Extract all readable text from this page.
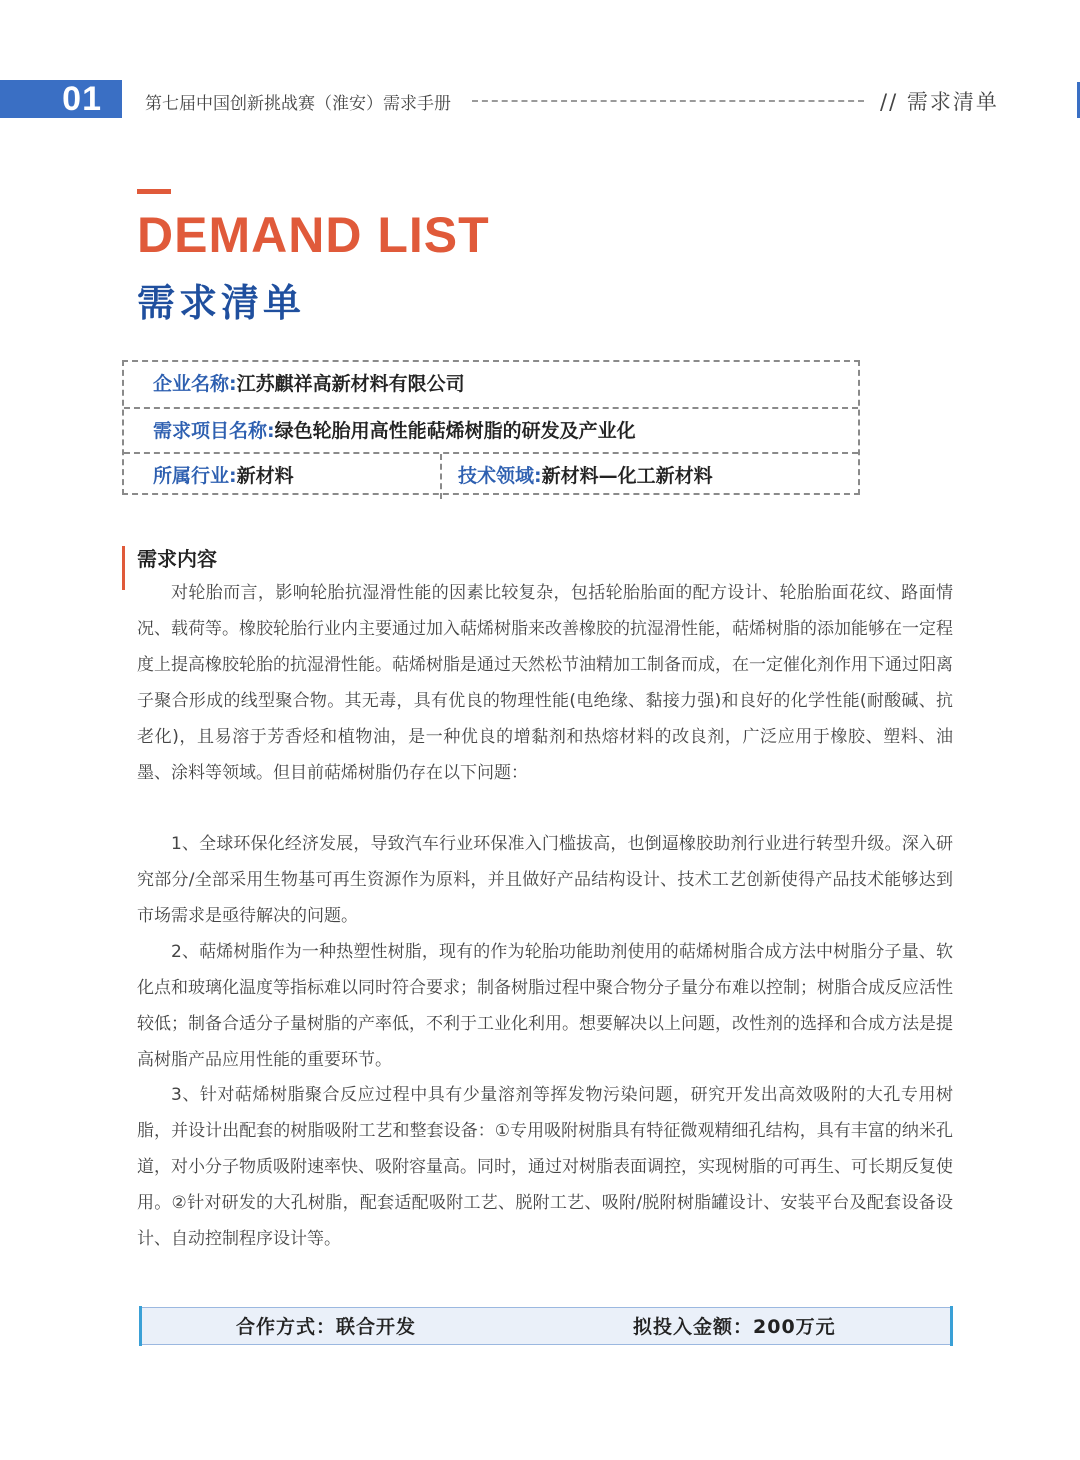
01	第七届中国创新挑战赛（淮安）需求手册	// 需求清单
DEMAND LIST
需求清单
企业名称:江苏麒祥高新材料有限公司
需求项目名称:绿色轮胎用高性能萜烯树脂的研发及产业化
所属行业:新材料	技术领域:新材料—化工新材料
需求内容

对轮胎而言，影响轮胎抗湿滑性能的因素比较复杂，包括轮胎胎面的配方设计、轮胎胎面花纹、路面情况、载荷等。橡胶轮胎行业内主要通过加入萜烯树脂来改善橡胶的抗湿滑性能，萜烯树脂的添加能够在一定程度上提高橡胶轮胎的抗湿滑性能。萜烯树脂是通过天然松节油精加工制备而成，在一定催化剂作用下通过阳离子聚合形成的线型聚合物。其无毒，具有优良的物理性能(电绝缘、黏接力强)和良好的化学性能(耐酸碱、抗老化)，且易溶于芳香烃和植物油，是一种优良的增黏剂和热熔材料的改良剂，广泛应用于橡胶、塑料、油墨、涂料等领域。但目前萜烯树脂仍存在以下问题：

1、全球环保化经济发展，导致汽车行业环保准入门槛拔高，也倒逼橡胶助剂行业进行转型升级。深入研究部分/全部采用生物基可再生资源作为原料，并且做好产品结构设计、技术工艺创新使得产品技术能够达到市场需求是亟待解决的问题。

2、萜烯树脂作为一种热塑性树脂，现有的作为轮胎功能助剂使用的萜烯树脂合成方法中树脂分子量、软化点和玻璃化温度等指标难以同时符合要求；制备树脂过程中聚合物分子量分布难以控制；树脂合成反应活性较低；制备合适分子量树脂的产率低，不利于工业化利用。想要解决以上问题，改性剂的选择和合成方法是提高树脂产品应用性能的重要环节。

3、针对萜烯树脂聚合反应过程中具有少量溶剂等挥发物污染问题，研究开发出高效吸附的大孔专用树脂，并设计出配套的树脂吸附工艺和整套设备：①专用吸附树脂具有特征微观精细孔结构，具有丰富的纳米孔道，对小分子物质吸附速率快、吸附容量高。同时，通过对树脂表面调控，实现树脂的可再生、可长期反复使用。②针对研发的大孔树脂，配套适配吸附工艺、脱附工艺、吸附/脱附树脂罐设计、安装平台及配套设备设计、自动控制程序设计等。

合作方式：联合开发	拟投入金额：200万元
